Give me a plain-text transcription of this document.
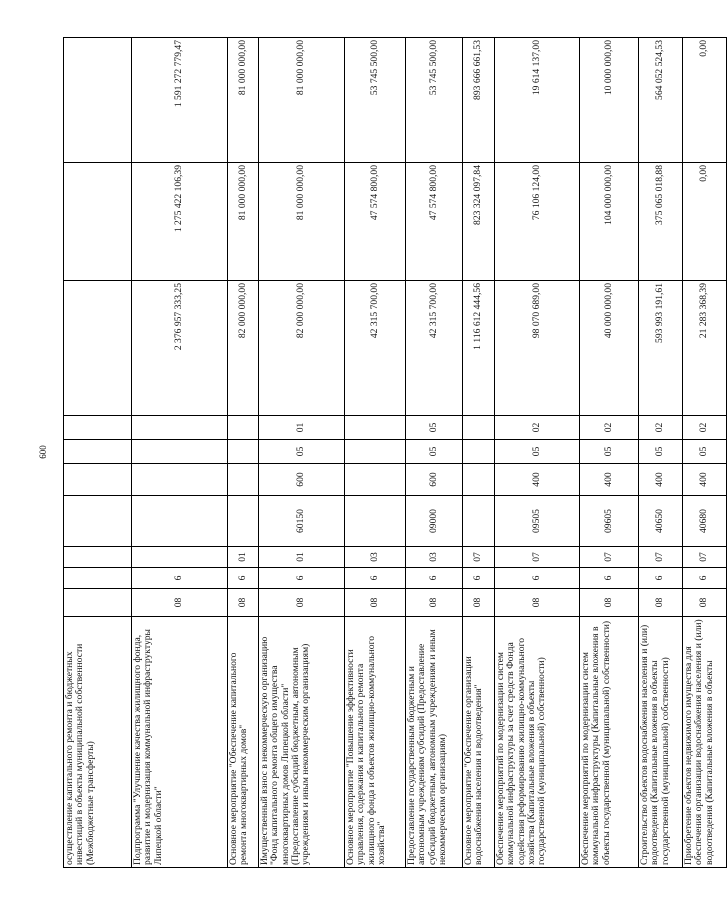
600
осуществление капитального ремонта и бюджетных инвестиций в объекты муниципальной собственности (Межбюджетные трансферты)										
Подпрограмма "Улучшение качества жилищного фонда, развитие и модернизация коммунальной инфраструктуры Липецкой области"	08	6						2 376 957 333,25	1 275 422 106,39	1 591 272 779,47
Основное мероприятие "Обеспечение капитального ремонта многоквартирных домов"	08	6	01					82 000 000,00	81 000 000,00	81 000 000,00
Имущественный взнос в некоммерческую организацию "Фонд капитального ремонта общего имущества многоквартирных домов Липецкой области" (Предоставление субсидий бюджетным, автономным учреждениям и иным некоммерческим организациям)	08	6	01	60150	600	05	01	82 000 000,00	81 000 000,00	81 000 000,00
Основное мероприятие "Повышение эффективности управления, содержания и капитального ремонта жилищного фонда и объектов жилищно-коммунального хозяйства"	08	6	03					42 315 700,00	47 574 800,00	53 745 500,00
Предоставление государственным бюджетным и автономным учреждениям субсидий (Предоставление субсидий бюджетным, автономным учреждениям и иным некоммерческим организациям)	08	6	03	09000	600	05	05	42 315 700,00	47 574 800,00	53 745 500,00
Основное мероприятие "Обеспечение организации водоснабжения населения и водоотведения"	08	6	07					1 116 612 444,56	823 324 097,84	893 666 661,53
Обеспечение мероприятий по модернизации систем коммунальной инфраструктуры за счет средств Фонда содействия реформированию жилищно-коммунального хозяйства (Капитальные вложения в объекты государственной (муниципальной) собственности)	08	6	07	09505	400	05	02	98 070 689,00	76 106 124,00	19 614 137,00
Обеспечение мероприятий по модернизации систем коммунальной инфраструктуры (Капитальные вложения в объекты государственной (муниципальной) собственности)	08	6	07	09605	400	05	02	40 000 000,00	104 000 000,00	10 000 000,00
Строительство объектов водоснабжения населения и (или) водоотведения (Капитальные вложения в объекты государственной (муниципальной) собственности)	08	6	07	40650	400	05	02	593 993 191,61	375 065 018,88	564 052 524,53
Приобретение объектов недвижимого имущества для обеспечения организации водоснабжения населения и (или) водоотведения (Капитальные вложения в объекты	08	6	07	40680	400	05	02	21 283 368,39	0,00	0,00
